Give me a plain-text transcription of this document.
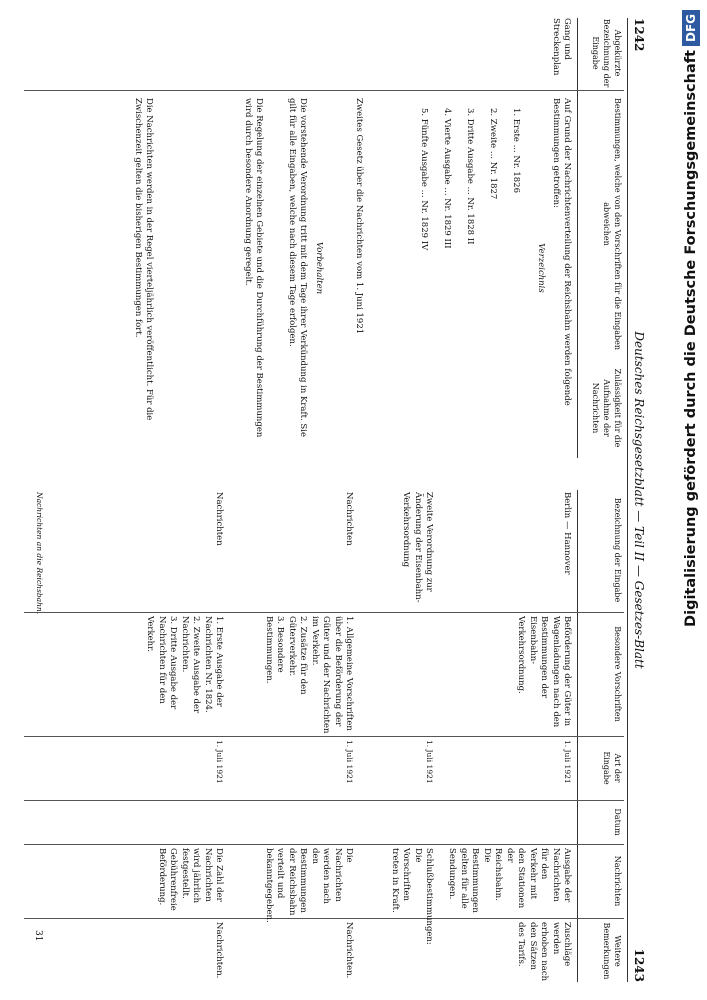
1242
Deutsches Reichsgesetzblatt — Teil II — Gesetzes-Blatt
1243
Abgekürzte Bezeichnung der Eingabe
Bestimmungen, welche von den Vorschriften für die Eingaben abweichen
Zulässigkeit für die Aufnahme der Nachrichten
Gang und Streckenplan
Auf Grund der Nachrichtenverteilung der Reichsbahn werden folgende Bestimmungen getroffen:
Verzeichnis

1. Erste ... Nr. 1826

2. Zweite ... Nr. 1827

3. Dritte Ausgabe ... Nr. 1828 II

4. Vierte Ausgabe ... Nr. 1829 III

5. Fünfte Ausgabe ... Nr. 1829 IV

Zweites Gesetz über die Nachrichten vom 1. Juni 1921
Vorbehalten
Die vorstehende Verordnung tritt mit dem Tage ihrer Verkündung in Kraft. Sie gilt für alle Eingaben, welche nach diesem Tage erfolgen.
Die Regelung der einzelnen Gebiete und die Durchführung der Bestimmungen wird durch besondere Anordnung geregelt.
Die Nachrichten werden in der Regel vierteljährlich veröffentlicht. Für die Zwischenzeit gelten die bisherigen Bestimmungen fort.
Bezeichnung der Eingabe
Besondere Vorschriften
Art der Eingabe
Datum
Nachrichten
Weitere Bemerkungen
Berlin — Hannover
Beförderung der Güter in Wagenladungen nach den Bestimmungen der Eisenbahn-Verkehrsordnung.
1. Juli 1921
Ausgabe der Nachrichten für den Verkehr mit den Stationen der Reichsbahn. Die Bestimmungen gelten für alle Sendungen.
Zuschläge werden erhoben nach den Sätzen des Tarifs.
Zweite Verordnung zur Änderung der Eisenbahn-Verkehrsordnung
1. Juli 1921
Schlußbestimmungen: Die Vorschriften treten in Kraft.
Nachrichten
1. Allgemeine Vorschriften über die Beförderung der Güter und der Nachrichten im Verkehr.
2. Zusätze für den Güterverkehr.
3. Besondere Bestimmungen.
1. Juli 1921
Die Nachrichten werden nach den Bestimmungen der Reichsbahn verteilt und bekanntgegeben.
Nachrichten.
Nachrichten
1. Erste Ausgabe der Nachrichten Nr. 1824.
2. Zweite Ausgabe der Nachrichten.
3. Dritte Ausgabe der Nachrichten für den Verkehr.
1. Juli 1921
Die Zahl der Nachrichten wird jährlich festgestellt. Gebührenfreie Beförderung.
Nachrichten.
Nachrichten an die Reichsbahn.
31
Digitalisierung gefördert durch die Deutsche ForschungsgemeinschaftDFG
